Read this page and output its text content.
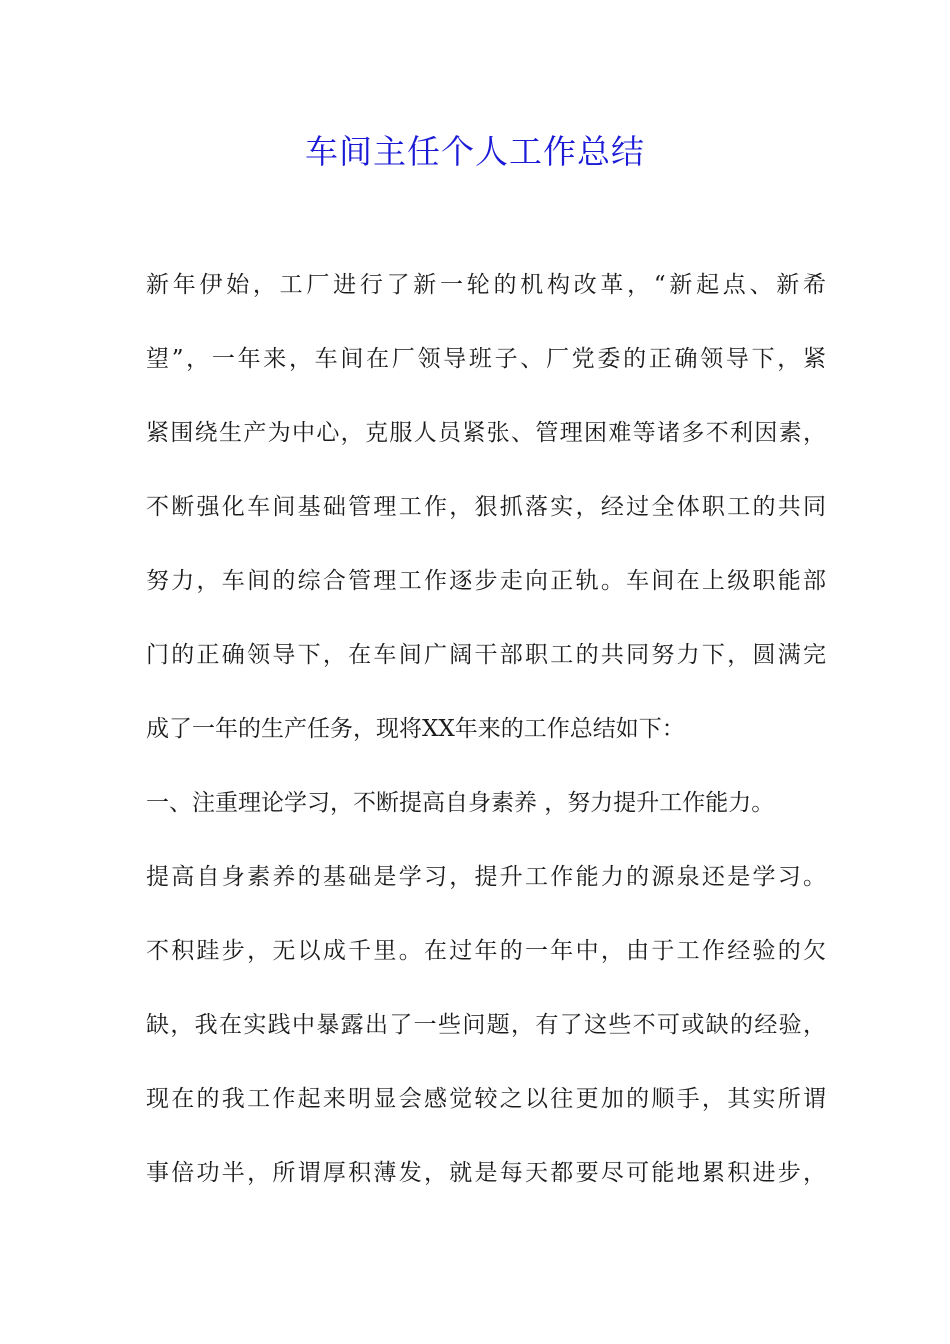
车间主任个人工作总结

新年伊始，工厂进行了新一轮的机构改革，“新起点、新希

望”，一年来，车间在厂领导班子、厂党委的正确领导下，紧

紧围绕生产为中心，克服人员紧张、管理困难等诸多不利因素，

不断强化车间基础管理工作，狠抓落实，经过全体职工的共同

努力，车间的综合管理工作逐步走向正轨。车间在上级职能部

门的正确领导下，在车间广阔干部职工的共同努力下，圆满完

成了一年的生产任务，现将XX年来的工作总结如下：

一、注重理论学习，不断提高自身素养 ，努力提升工作能力。

提高自身素养的基础是学习，提升工作能力的源泉还是学习。

不积跬步，无以成千里。在过年的一年中，由于工作经验的欠

缺，我在实践中暴露出了一些问题，有了这些不可或缺的经验，

现在的我工作起来明显会感觉较之以往更加的顺手，其实所谓

事倍功半，所谓厚积薄发，就是每天都要尽可能地累积进步，
